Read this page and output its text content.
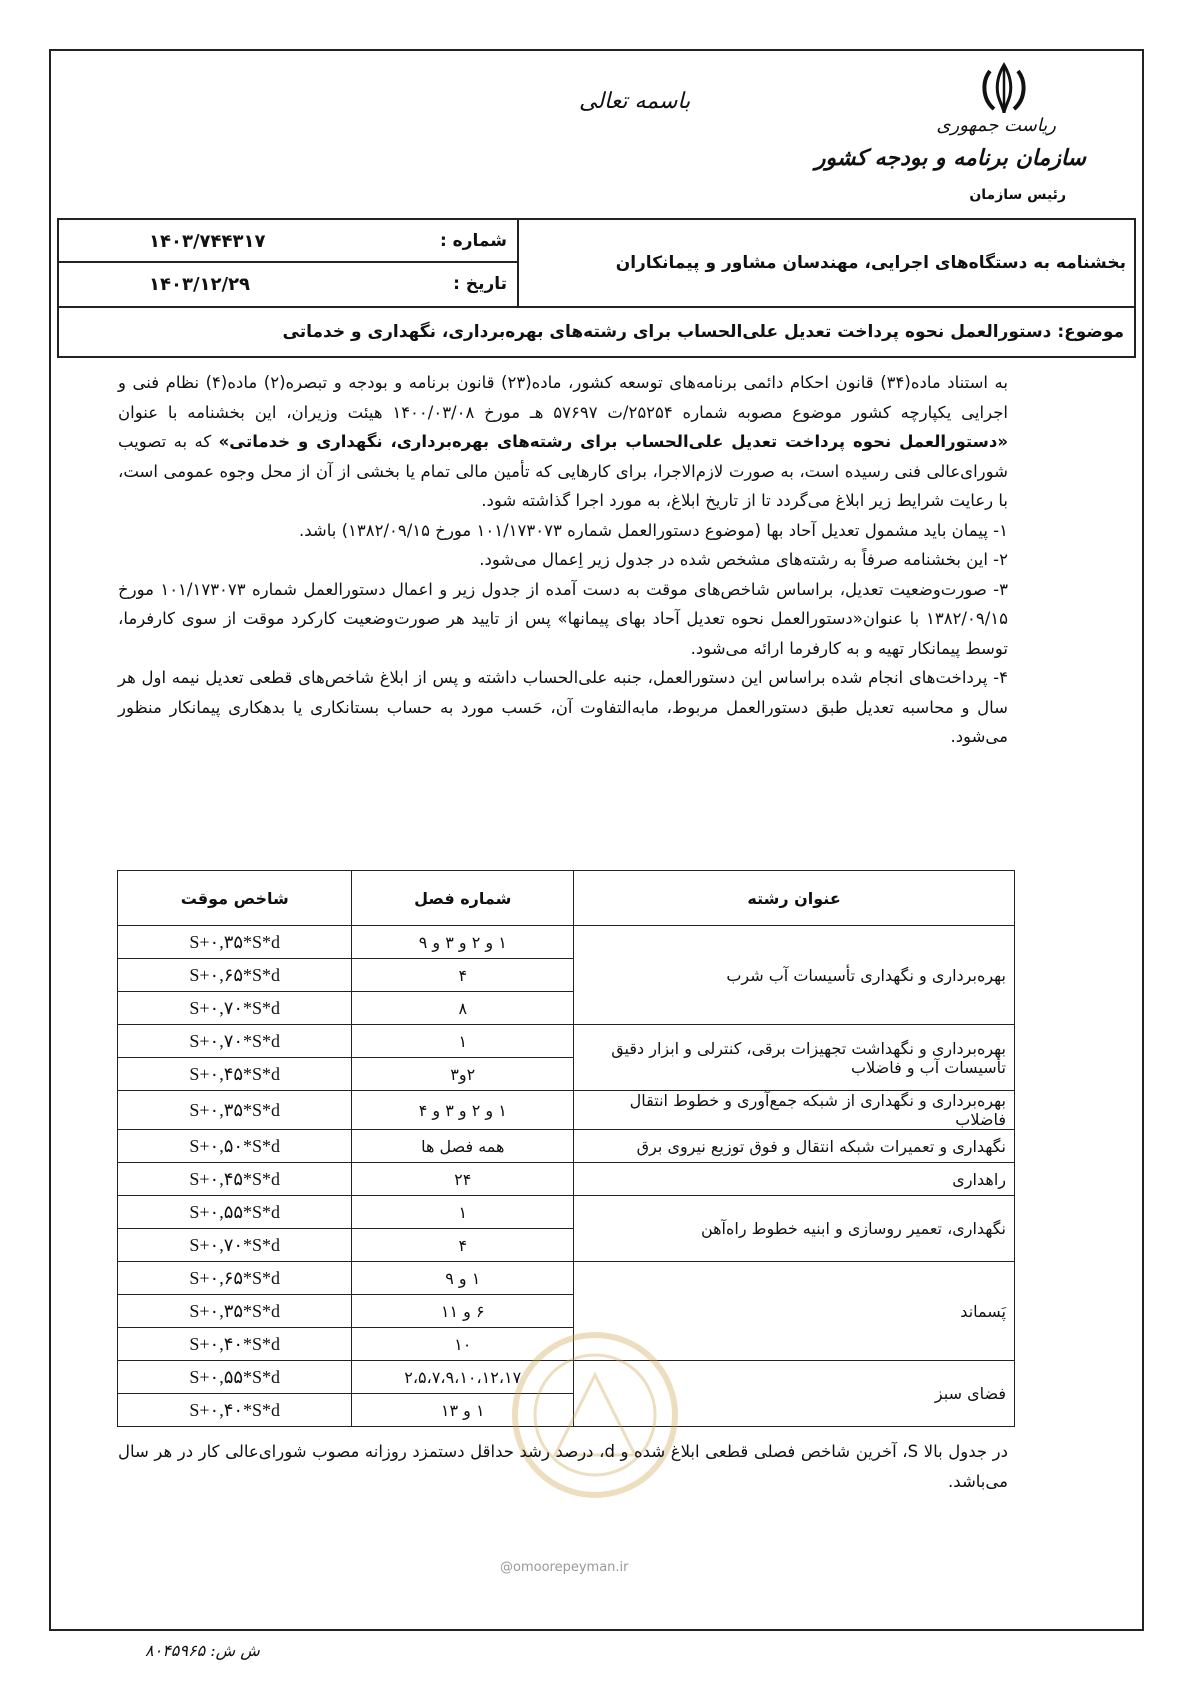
ریاست جمهوری
سازمان برنامه و بودجه کشور
رئیس سازمان
باسمه تعالی
بخشنامه به دستگاه‌های اجرایی، مهندسان مشاور و پیمانکاران
شماره :
۱۴۰۳/۷۴۴۳۱۷
تاریخ :
۱۴۰۳/۱۲/۲۹
موضوع: دستورالعمل نحوه پرداخت تعدیل علی‌الحساب برای رشته‌های بهره‌برداری، نگهداری و خدماتی

به استناد ماده(۳۴) قانون احکام دائمی برنامه‌های توسعه کشور، ماده(۲۳) قانون برنامه و بودجه و تبصره(۲) ماده(۴) نظام فنی و اجرایی یکپارچه کشور موضوع مصوبه شماره ۲۵۲۵۴/ت ۵۷۶۹۷ هـ مورخ ۱۴۰۰/۰۳/۰۸ هیئت وزیران، این بخشنامه با عنوان «دستورالعمل نحوه پرداخت تعدیل علی‌الحساب برای رشته‌های بهره‌برداری، نگهداری و خدماتی» که به تصویب شورای‌عالی فنی رسیده است، به صورت لازم‌الاجرا، برای کارهایی که تأمین مالی تمام یا بخشی از آن از محل وجوه عمومی است، با رعایت شرایط زیر ابلاغ می‌گردد تا از تاریخ ابلاغ، به مورد اجرا گذاشته شود.

۱- پیمان باید مشمول تعدیل آحاد بها (موضوع دستورالعمل شماره ۱۰۱/۱۷۳۰۷۳ مورخ ۱۳۸۲/۰۹/۱۵) باشد.

۲- این بخشنامه صرفاً به رشته‌های مشخص شده در جدول زیر اِعمال می‌شود.

۳- صورت‌وضعیت تعدیل، براساس شاخص‌های موقت به دست آمده از جدول زیر و اعمال دستورالعمل شماره ۱۰۱/۱۷۳۰۷۳ مورخ ۱۳۸۲/۰۹/۱۵ با عنوان«دستورالعمل نحوه تعدیل آحاد بهای پیمانها» پس از تایید هر صورت‌وضعیت کارکرد موقت از سوی کارفرما، توسط پیمانکار تهیه و به کارفرما ارائه می‌شود.

۴- پرداخت‌های انجام شده براساس این دستورالعمل، جنبه علی‌الحساب داشته و پس از ابلاغ شاخص‌های قطعی تعدیل نیمه اول هر سال و محاسبه تعدیل طبق دستورالعمل مربوط، مابه‌التفاوت آن، حَسب مورد به حساب بستانکاری یا بدهکاری پیمانکار منظور می‌شود.

عنوان رشته	شماره فصل	شاخص موقت
بهره‌برداری و نگهداری تأسیسات آب شرب	۱ و ۲ و ۳ و ۹	S+۰,۳۵*S*d
	۴	S+۰,۶۵*S*d
	۸	S+۰,۷۰*S*d
بهره‌برداری و نگهداشت تجهیزات برقی، کنترلی و ابزار دقیق تأسیسات آب و فاضلاب	۱	S+۰,۷۰*S*d
	۲و۳	S+۰,۴۵*S*d
بهره‌برداری و نگهداری از شبکه جمع‌آوری و خطوط انتقال فاضلاب	۱ و ۲ و ۳ و ۴	S+۰,۳۵*S*d
نگهداری و تعمیرات شبکه انتقال و فوق توزیع نیروی برق	همه فصل ها	S+۰,۵۰*S*d
راهداری	۲۴	S+۰,۴۵*S*d
نگهداری، تعمیر روسازی و ابنیه خطوط راه‌آهن	۱	S+۰,۵۵*S*d
	۴	S+۰,۷۰*S*d
پَسماند	۱ و ۹	S+۰,۶۵*S*d
	۶ و ۱۱	S+۰,۳۵*S*d
	۱۰	S+۰,۴۰*S*d
فضای سبز	۲،۵،۷،۹،۱۰،۱۲،۱۷	S+۰,۵۵*S*d
	۱ و ۱۳	S+۰,۴۰*S*d
@omoorepeyman.ir

در جدول بالا S، آخرین شاخص فصلی قطعی ابلاغ شده و d، درصد رشد حداقل دستمزد روزانه مصوب شورای‌عالی کار در هر سال می‌باشد.

ش ش: ۸۰۴۵۹۶۵
